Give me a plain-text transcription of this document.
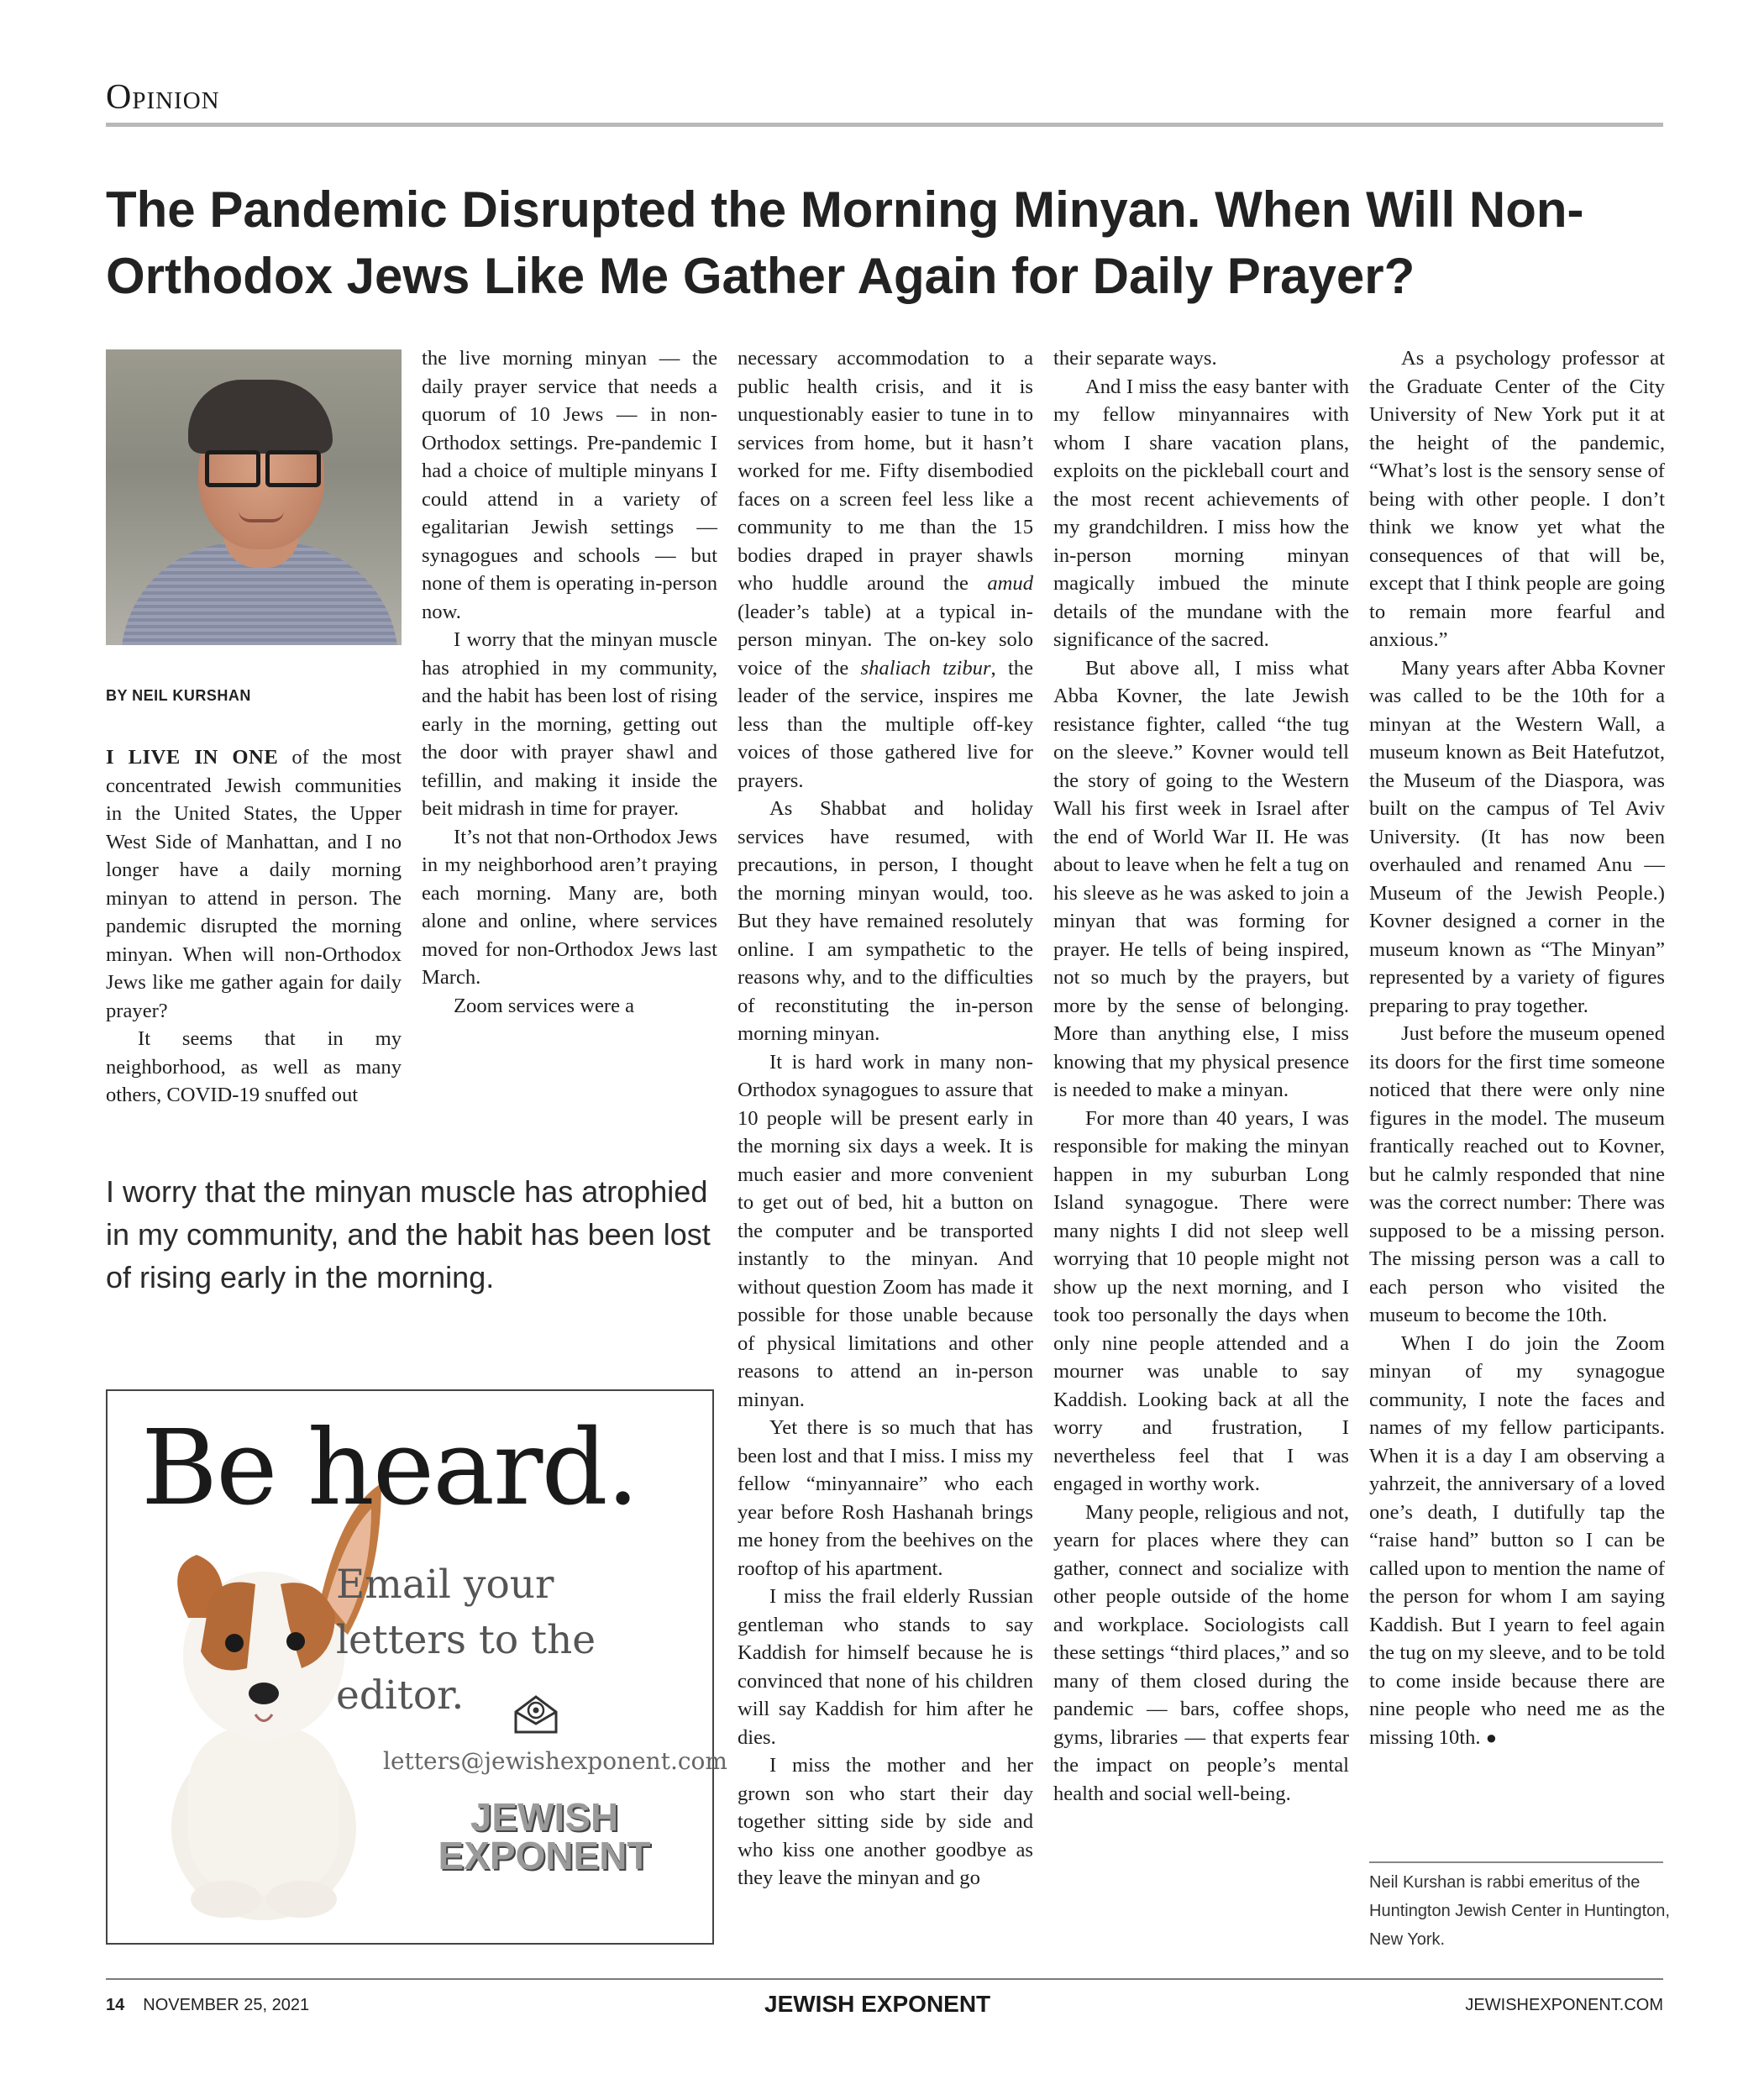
Opinion
The Pandemic Disrupted the Morning Minyan. When Will Non-Orthodox Jews Like Me Gather Again for Daily Prayer?
BY NEIL KURSHAN

I LIVE IN ONE of the most concentrated Jewish communities in the United States, the Upper West Side of Manhattan, and I no longer have a daily morning minyan to attend in person. The pandemic disrupted the morning minyan. When will non-Orthodox Jews like me gather again for daily prayer?

It seems that in my neighborhood, as well as many others, COVID-19 snuffed out

the live morning minyan — the daily prayer service that needs a quorum of 10 Jews — in non-Orthodox settings. Pre-pandemic I had a choice of multiple minyans I could attend in a variety of egalitarian Jewish settings — synagogues and schools — but none of them is operating in-person now.

I worry that the minyan muscle has atrophied in my community, and the habit has been lost of rising early in the morning, getting out the door with prayer shawl and tefillin, and making it inside the beit midrash in time for prayer.

It’s not that non-Orthodox Jews in my neighborhood aren’t praying each morning. Many are, both alone and online, where services moved for non-Orthodox Jews last March.

Zoom services were a

I worry that the minyan muscle has atrophied in my community, and the habit has been lost of rising early in the morning.
Be heard.
Email your letters to the editor.
letters@jewishexponent.com
JEWISH
EXPONENT

necessary accommodation to a public health crisis, and it is unquestionably easier to tune in to services from home, but it hasn’t worked for me. Fifty disembodied faces on a screen feel less like a community to me than the 15 bodies draped in prayer shawls who huddle around the amud (leader’s table) at a typical in-person minyan. The on-key solo voice of the shaliach tzibur, the leader of the service, inspires me less than the multiple off-key voices of those gathered live for prayers.

As Shabbat and holiday services have resumed, with precautions, in person, I thought the morning minyan would, too. But they have remained resolutely online. I am sympathetic to the reasons why, and to the difficulties of reconstituting the in-person morning minyan.

It is hard work in many non-Orthodox synagogues to assure that 10 people will be present early in the morning six days a week. It is much easier and more convenient to get out of bed, hit a button on the computer and be transported instantly to the minyan. And without question Zoom has made it possible for those unable because of physical limitations and other reasons to attend an in-person minyan.

Yet there is so much that has been lost and that I miss. I miss my fellow “minyannaire” who each year before Rosh Hashanah brings me honey from the beehives on the rooftop of his apartment.

I miss the frail elderly Russian gentleman who stands to say Kaddish for himself because he is convinced that none of his children will say Kaddish for him after he dies.

I miss the mother and her grown son who start their day together sitting side by side and who kiss one another goodbye as they leave the minyan and go

their separate ways.

And I miss the easy banter with my fellow minyannaires with whom I share vacation plans, exploits on the pickleball court and the most recent achievements of my grandchildren. I miss how the in-person morning minyan magically imbued the minute details of the mundane with the significance of the sacred.

But above all, I miss what Abba Kovner, the late Jewish resistance fighter, called “the tug on the sleeve.” Kovner would tell the story of going to the Western Wall his first week in Israel after the end of World War II. He was about to leave when he felt a tug on his sleeve as he was asked to join a minyan that was forming for prayer. He tells of being inspired, not so much by the prayers, but more by the sense of belonging. More than anything else, I miss knowing that my physical presence is needed to make a minyan.

For more than 40 years, I was responsible for making the minyan happen in my suburban Long Island synagogue. There were many nights I did not sleep well worrying that 10 people might not show up the next morning, and I took too personally the days when only nine people attended and a mourner was unable to say Kaddish. Looking back at all the worry and frustration, I nevertheless feel that I was engaged in worthy work.

Many people, religious and not, yearn for places where they can gather, connect and socialize with other people outside of the home and workplace. Sociologists call these settings “third places,” and so many of them closed during the pandemic — bars, coffee shops, gyms, libraries — that experts fear the impact on people’s mental health and social well-being.

As a psychology professor at the Graduate Center of the City University of New York put it at the height of the pandemic, “What’s lost is the sensory sense of being with other people. I don’t think we know yet what the consequences of that will be, except that I think people are going to remain more fearful and anxious.”

Many years after Abba Kovner was called to be the 10th for a minyan at the Western Wall, a museum known as Beit Hatefutzot, the Museum of the Diaspora, was built on the campus of Tel Aviv University. (It has now been overhauled and renamed Anu — Museum of the Jewish People.) Kovner designed a corner in the museum known as “The Minyan” represented by a variety of figures preparing to pray together.

Just before the museum opened its doors for the first time someone noticed that there were only nine figures in the model. The museum frantically reached out to Kovner, but he calmly responded that nine was the correct number: There was supposed to be a missing person. The missing person was a call to each person who visited the museum to become the 10th.

When I do join the Zoom minyan of my synagogue community, I note the faces and names of my fellow participants. When it is a day I am observing a yahrzeit, the anniversary of a loved one’s death, I dutifully tap the “raise hand” button so I can be called upon to mention the name of the person for whom I am saying Kaddish. But I yearn to feel again the tug on my sleeve, and to be told to come inside because there are nine people who need me as the missing 10th. ●

Neil Kurshan is rabbi emeritus of the Huntington Jewish Center in Huntington, New York.
14 NOVEMBER 25, 2021	JEWISH EXPONENT	JEWISHEXPONENT.COM
